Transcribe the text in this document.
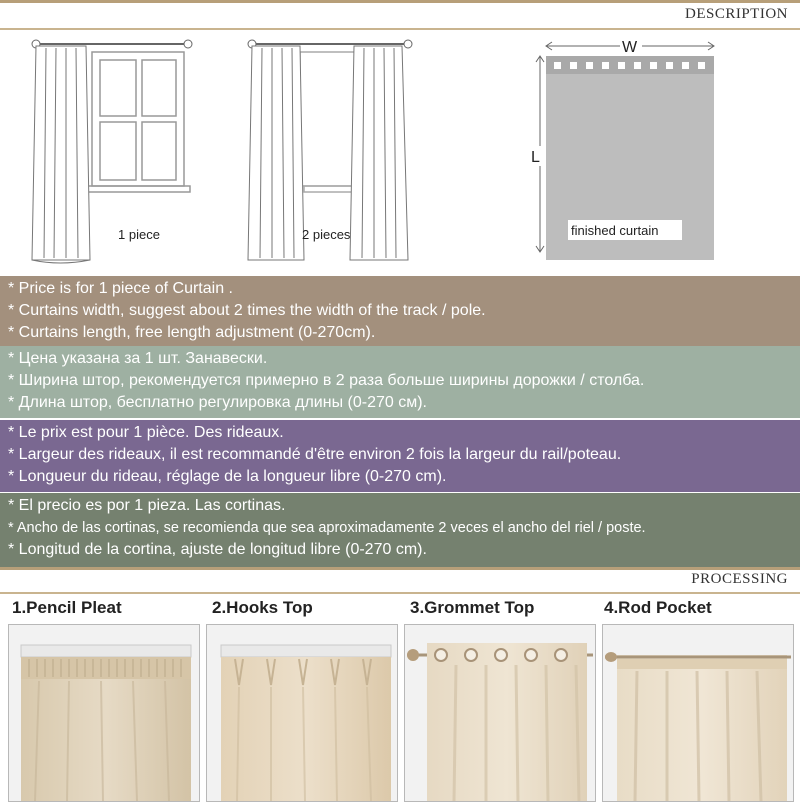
DESCRIPTION
1 piece	2 pieces
W
L
finished curtain
* Price is for 1 piece of Curtain .
* Curtains width, suggest about 2 times the width of the track / pole.
* Curtains length, free length adjustment (0-270cm).
* Цена указана за 1 шт. Занавески.
* Ширина штор, рекомендуется примерно в 2 раза больше ширины дорожки / столба.
* Длина штор, бесплатно регулировка длины (0-270 см).
* Le prix est pour 1 pièce. Des rideaux.
* Largeur des rideaux, il est recommandé d'être environ 2 fois la largeur du rail/poteau.
* Longueur du rideau, réglage de la longueur libre (0-270 cm).
* El precio es por 1 pieza. Las cortinas.
* Ancho de las cortinas, se recomienda que sea aproximadamente 2 veces el ancho del riel / poste.
* Longitud de la cortina, ajuste de longitud libre (0-270 cm).
PROCESSING
1.Pencil Pleat	2.Hooks Top	3.Grommet Top	4.Rod Pocket
